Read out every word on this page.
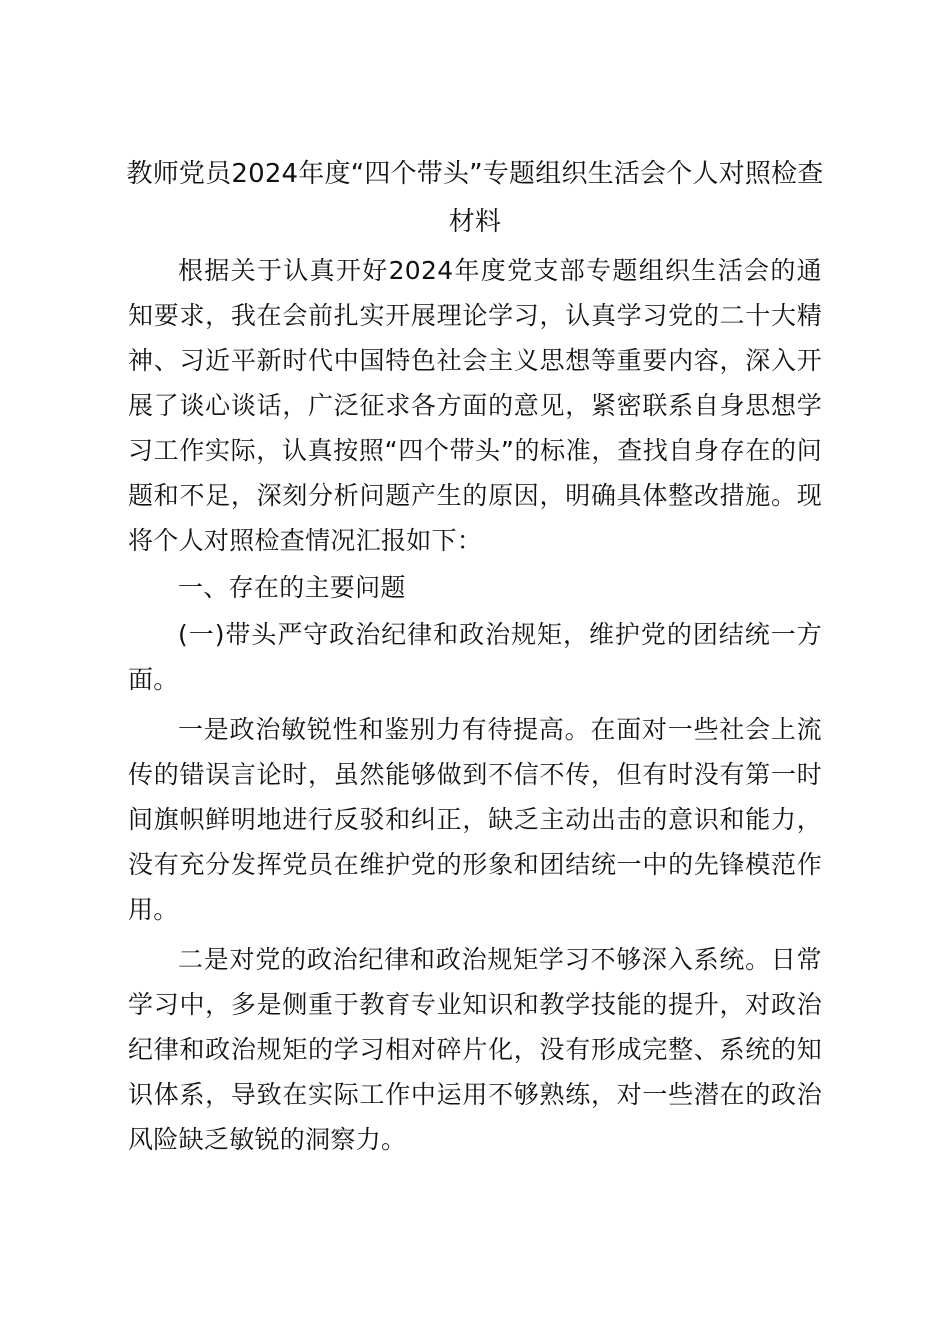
教师党员2024年度“四个带头”专题组织生活会个人对照检查材料

根据关于认真开好2024年度党支部专题组织生活会的通知要求，我在会前扎实开展理论学习，认真学习党的二十大精神、习近平新时代中国特色社会主义思想等重要内容，深入开展了谈心谈话，广泛征求各方面的意见，紧密联系自身思想学习工作实际，认真按照“四个带头”的标准，查找自身存在的问题和不足，深刻分析问题产生的原因，明确具体整改措施。现将个人对照检查情况汇报如下：

一、存在的主要问题

(一)带头严守政治纪律和政治规矩，维护党的团结统一方面。

一是政治敏锐性和鉴别力有待提高。在面对一些社会上流传的错误言论时，虽然能够做到不信不传，但有时没有第一时间旗帜鲜明地进行反驳和纠正，缺乏主动出击的意识和能力，没有充分发挥党员在维护党的形象和团结统一中的先锋模范作用。

二是对党的政治纪律和政治规矩学习不够深入系统。日常学习中，多是侧重于教育专业知识和教学技能的提升，对政治纪律和政治规矩的学习相对碎片化，没有形成完整、系统的知识体系，导致在实际工作中运用不够熟练，对一些潜在的政治风险缺乏敏锐的洞察力。
